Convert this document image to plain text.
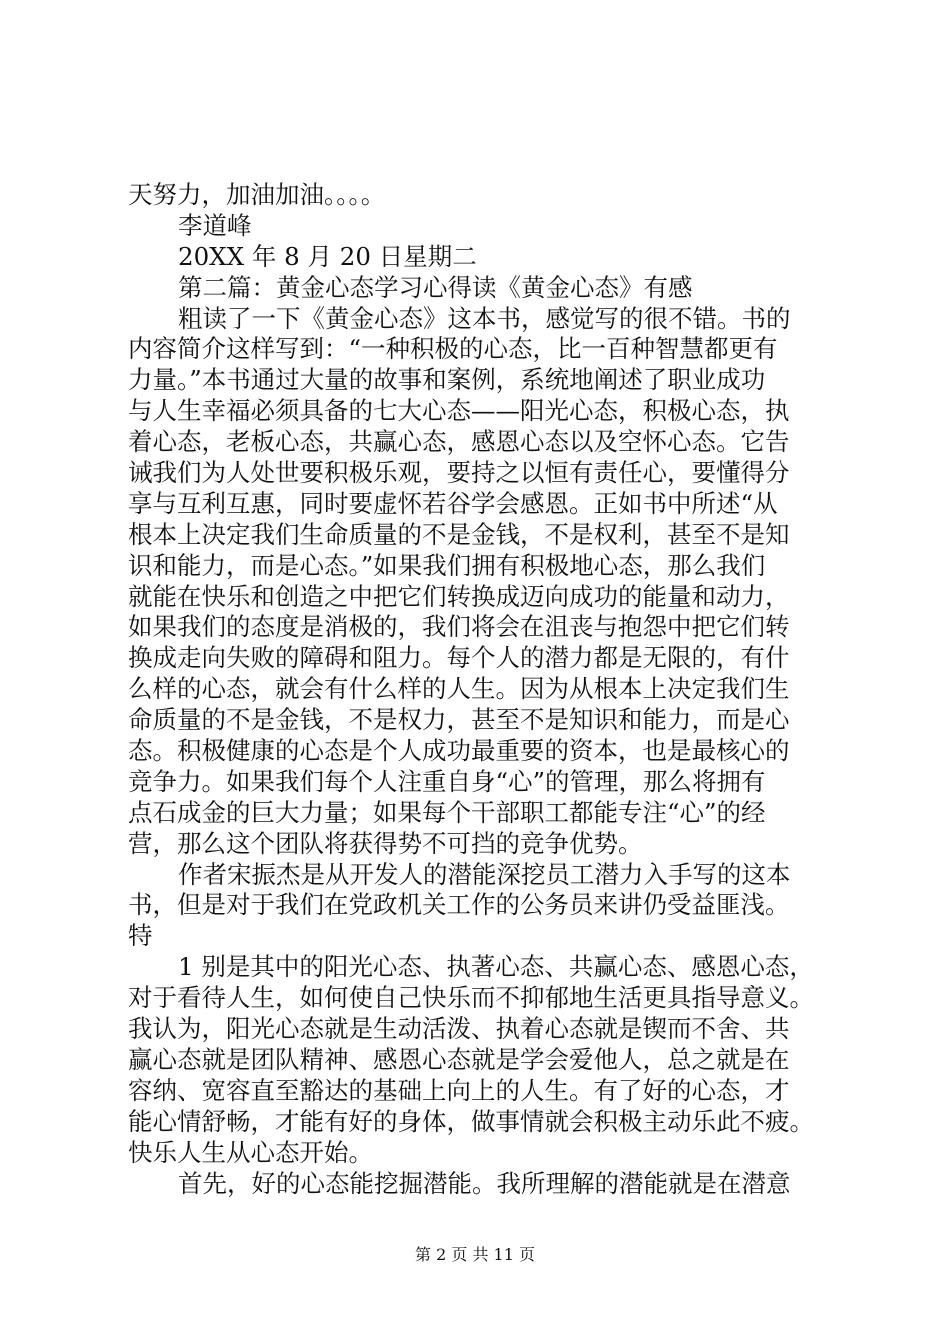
天努力，加油加油。。。。
李道峰
20XX 年 8 月 20 日星期二
第二篇：黄金心态学习心得读《黄金心态》有感
粗读了一下《黄金心态》这本书，感觉写的很不错。书的
内容简介这样写到：“一种积极的心态，比一百种智慧都更有
力量。”本书通过大量的故事和案例，系统地阐述了职业成功
与人生幸福必须具备的七大心态——阳光心态，积极心态，执
着心态，老板心态，共赢心态，感恩心态以及空怀心态。它告
诫我们为人处世要积极乐观，要持之以恒有责任心，要懂得分
享与互利互惠，同时要虚怀若谷学会感恩。正如书中所述“从
根本上决定我们生命质量的不是金钱，不是权利，甚至不是知
识和能力，而是心态。”如果我们拥有积极地心态，那么我们
就能在快乐和创造之中把它们转换成迈向成功的能量和动力，
如果我们的态度是消极的，我们将会在沮丧与抱怨中把它们转
换成走向失败的障碍和阻力。每个人的潜力都是无限的，有什
么样的心态，就会有什么样的人生。因为从根本上决定我们生
命质量的不是金钱，不是权力，甚至不是知识和能力，而是心
态。积极健康的心态是个人成功最重要的资本，也是最核心的
竞争力。如果我们每个人注重自身“心”的管理，那么将拥有
点石成金的巨大力量；如果每个干部职工都能专注“心”的经
营，那么这个团队将获得势不可挡的竞争优势。
作者宋振杰是从开发人的潜能深挖员工潜力入手写的这本
书，但是对于我们在党政机关工作的公务员来讲仍受益匪浅。
特
1 别是其中的阳光心态、执著心态、共赢心态、感恩心态，
对于看待人生，如何使自己快乐而不抑郁地生活更具指导意义。
我认为，阳光心态就是生动活泼、执着心态就是锲而不舍、共
赢心态就是团队精神、感恩心态就是学会爱他人，总之就是在
容纳、宽容直至豁达的基础上向上的人生。有了好的心态，才
能心情舒畅，才能有好的身体，做事情就会积极主动乐此不疲。
快乐人生从心态开始。
首先，好的心态能挖掘潜能。我所理解的潜能就是在潜意
第 2 页 共 11 页
